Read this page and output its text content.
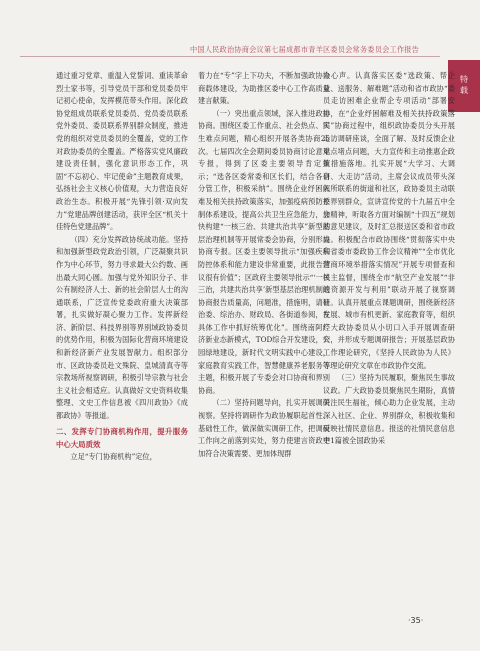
中国人民政治协商会议第七届成都市青羊区委员会常务委员会工作报告
特载

通过重习党章、重温入党誓词、重读革命烈士家书等，引导党员干部和党员委员牢记初心使命，发挥模范带头作用。深化政协党组成员联系党员委员、党员委员联系党外委员、委员联系界别群众制度，推进党的组织对党员委员的全覆盖，党的工作对政协委员的全覆盖。严格落实党风廉政建设责任制，强化意识形态工作，巩固“不忘初心、牢记使命”主题教育成果，弘扬社会主义核心价值观，大力营造良好政治生态。积极开展“先锋引领·双向发力”党建品牌创建活动，获评全区“机关十佳特色党建品牌”。

（四）充分发挥政协统战功能。坚持和加强新型政党政治引领，广泛凝聚共识作为中心环节，努力寻求最大公约数、画出最大同心圆。加强与党外知识分子、非公有制经济人士、新的社会阶层人士的沟通联系，广泛宣传党委政府重大决策部署，扎实做好凝心聚力工作。发挥新经济、新阶层、科技界别等界别域政协委员的优势作用，积极为国际化营商环境建设和新经济新产业发展智献力。组织部分市、区政协委员赴文殊院、皇城清真寺等宗教场所视察调研，积极引导宗教与社会主义社会相适应。认真做好文史资料收集整理、文史工作信息被《四川政协》《成都政协》等报道。

二、发挥专门协商机构作用，提升服务中心大局质效

立足“专门协商机构”定位，

着力在“专”字上下功夫，不断加强政协协商载体建设，为助推区委中心工作高质量建言献策。

（一）突出重点领域，深入推进政协协商。围绕区委工作重点、社会热点、民生难点问题，精心组织开展各类协商25次。七届四次全会期间委员协商讨论意见专报，得到了区委主要领导肯定批示；“选各区委常委和区长们，结合各自分管工作，积极采纳”。围绕企业纾困解难及相关扶持政策落实，加强疫病预防控制体系建设，提高公共卫生应急能力，加快构建“一核三治、共建共治共享”新型基层治理机制等开展常委会协商，分别形成协商专报。区委主要领导批示“加强疾病防控体系和能力建设非常重要，此报告建议很有价值”；区政府主要领导批示“‘一核三治，共建共治共享’新型基层治理机制的协商报告质量高，问题准，措施明，请社治委、综治办、财政局、各街道参阅，在具体工作中抓好统筹优化”。围绕南阿经济新业态新模式，TOD综合开发建设，公园绿地建设，新时代文明实践中心建设，家庭教育实践工作，智慧健康养老服务等主题，积极开展了专委会对口协商和界别协商。

（二）坚持问题导向，扎实开展调研视察。坚持将调研作为政协履职起首性、基础性工作，做深做实调研工作，把调研工作向之前落到实处，努力使建言资政更加符合决策需要、更加体现群

众心声。认真落实区委“选政策、帮企业、送服务、解难题”活动和省市政协“委员走访困难企业帮企专项活动”部署安排，在“企业纾困解难及相关扶持政策落实”协商过程中，组织政协委员分头开展走访调研座谈，全面了解、及时反馈企业难点堵点问题，大力宣传和主动推惠企政策措施落地。扎实开展“大学习、大调研、大走访”活动，主席会议成员带头深入所联系的街道和社区，政协委员主动联系界别群众，宣讲宣传党的十九届五中全会精神，听取各方面对编制“十四五”规划的意见建议，及时汇总报送区委和省市政协。积极配合市政协围绕“贯彻落实中央和省委市委政协工作会议精神”“全市优化营商环境举措落实情况”开展专项督查和民主监督，围绕全市“航空产业发展”“非遗资源开发与利用”联动开展了视察调研。认真开展重点课题调研，围绕新经济发展、城市有机更新、家庭教育等，组织广大政协委员从小切口入手开展调查研究，并形成专题调研报告；开展基层政协工作理论研究，《坚持人民政协为人民》等理论研究文章在市政协作交流。

（三）坚持为民履职，聚焦民生事故议政。广大政协委员聚焦民生期盼，真情关注民生福祉，倾心助力企业发展，主动深入社区、企业、界别群众，积极收集和反映社情民意信息。报送的社情民意信息中1篇被全国政协采

·35·
